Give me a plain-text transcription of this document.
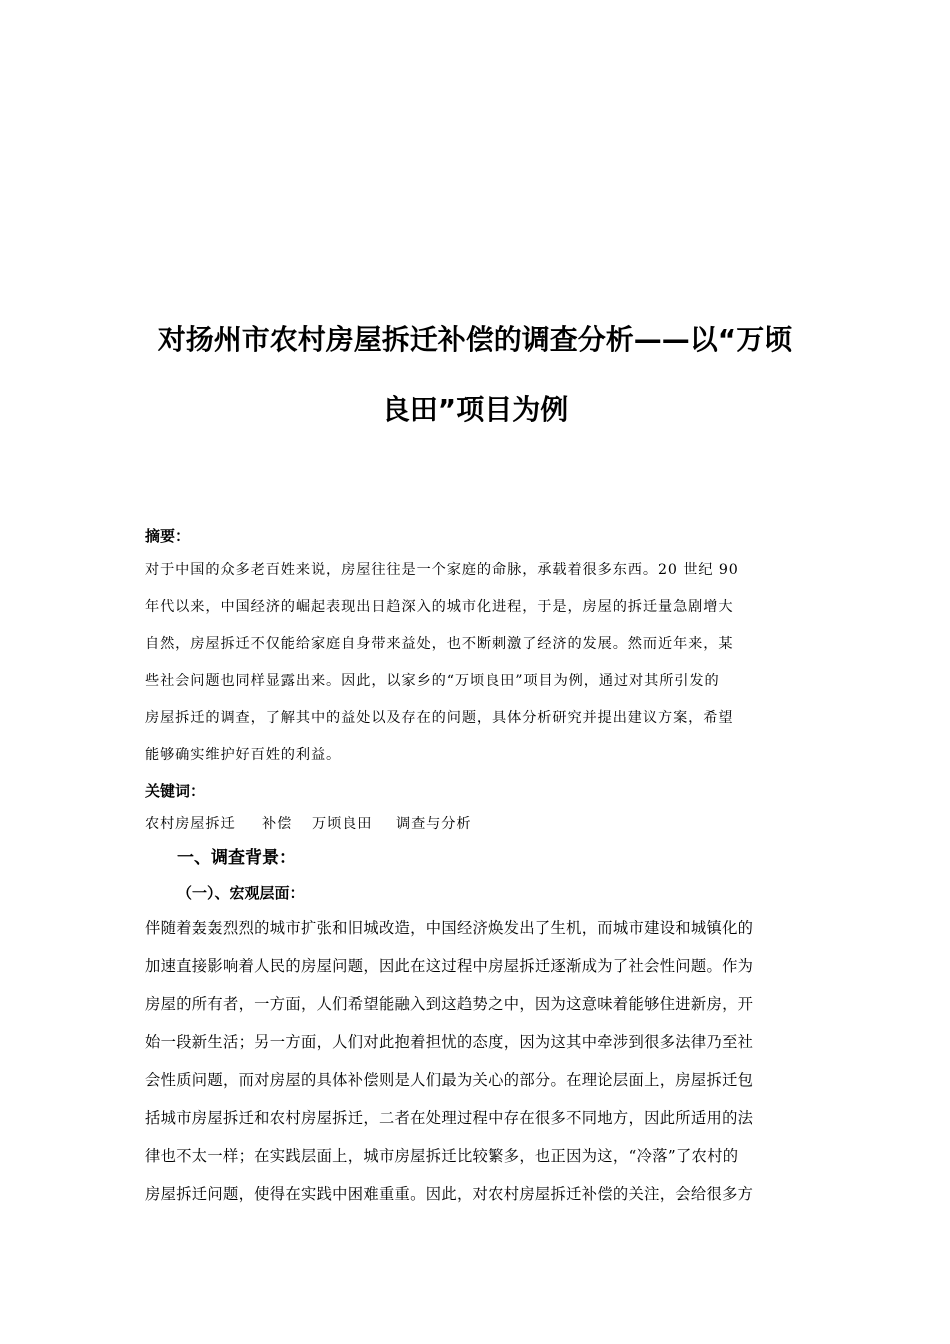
对扬州市农村房屋拆迁补偿的调查分析——以“万顷
良田”项目为例
摘要：
对于中国的众多老百姓来说，房屋往往是一个家庭的命脉，承载着很多东西。20 世纪 90
年代以来，中国经济的崛起表现出日趋深入的城市化进程，于是，房屋的拆迁量急剧增大
自然，房屋拆迁不仅能给家庭自身带来益处，也不断刺激了经济的发展。然而近年来，某
些社会问题也同样显露出来。因此，以家乡的“万顷良田”项目为例，通过对其所引发的
房屋拆迁的调查，了解其中的益处以及存在的问题，具体分析研究并提出建议方案，希望
能够确实维护好百姓的利益。
关键词：
农村房屋拆迁 补偿 万顷良田 调查与分析
一、调查背景：
（一）、宏观层面：
伴随着轰轰烈烈的城市扩张和旧城改造，中国经济焕发出了生机，而城市建设和城镇化的
加速直接影响着人民的房屋问题，因此在这过程中房屋拆迁逐渐成为了社会性问题。作为
房屋的所有者，一方面，人们希望能融入到这趋势之中，因为这意味着能够住进新房，开
始一段新生活；另一方面，人们对此抱着担忧的态度，因为这其中牵涉到很多法律乃至社
会性质问题，而对房屋的具体补偿则是人们最为关心的部分。在理论层面上，房屋拆迁包
括城市房屋拆迁和农村房屋拆迁，二者在处理过程中存在很多不同地方，因此所适用的法
律也不太一样；在实践层面上，城市房屋拆迁比较繁多，也正因为这，“冷落”了农村的
房屋拆迁问题，使得在实践中困难重重。因此，对农村房屋拆迁补偿的关注，会给很多方
